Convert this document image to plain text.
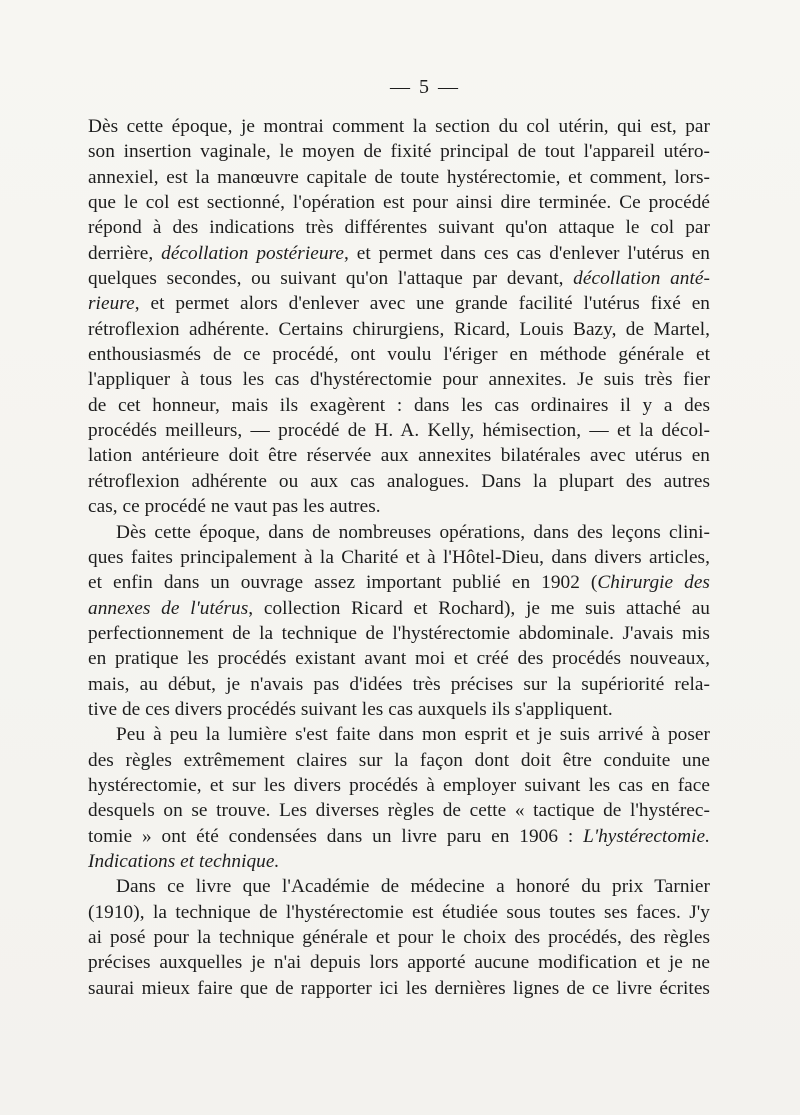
— 5 —
Dès cette époque, je montrai comment la section du col utérin, qui est, par
son insertion vaginale, le moyen de fixité principal de tout l'appareil utéro-
annexiel, est la manœuvre capitale de toute hystérectomie, et comment, lors-
que le col est sectionné, l'opération est pour ainsi dire terminée. Ce procédé
répond à des indications très différentes suivant qu'on attaque le col par
derrière, décollation postérieure, et permet dans ces cas d'enlever l'utérus en
quelques secondes, ou suivant qu'on l'attaque par devant, décollation anté-
rieure, et permet alors d'enlever avec une grande facilité l'utérus fixé en
rétroflexion adhérente. Certains chirurgiens, Ricard, Louis Bazy, de Martel,
enthousiasmés de ce procédé, ont voulu l'ériger en méthode générale et
l'appliquer à tous les cas d'hystérectomie pour annexites. Je suis très fier
de cet honneur, mais ils exagèrent : dans les cas ordinaires il y a des
procédés meilleurs, — procédé de H. A. Kelly, hémisection, — et la décol-
lation antérieure doit être réservée aux annexites bilatérales avec utérus en
rétroflexion adhérente ou aux cas analogues. Dans la plupart des autres
cas, ce procédé ne vaut pas les autres.
Dès cette époque, dans de nombreuses opérations, dans des leçons clini-
ques faites principalement à la Charité et à l'Hôtel-Dieu, dans divers articles,
et enfin dans un ouvrage assez important publié en 1902 (Chirurgie des
annexes de l'utérus, collection Ricard et Rochard), je me suis attaché au
perfectionnement de la technique de l'hystérectomie abdominale. J'avais mis
en pratique les procédés existant avant moi et créé des procédés nouveaux,
mais, au début, je n'avais pas d'idées très précises sur la supériorité rela-
tive de ces divers procédés suivant les cas auxquels ils s'appliquent.
Peu à peu la lumière s'est faite dans mon esprit et je suis arrivé à poser
des règles extrêmement claires sur la façon dont doit être conduite une
hystérectomie, et sur les divers procédés à employer suivant les cas en face
desquels on se trouve. Les diverses règles de cette « tactique de l'hystérec-
tomie » ont été condensées dans un livre paru en 1906 : L'hystérectomie.
Indications et technique.
Dans ce livre que l'Académie de médecine a honoré du prix Tarnier
(1910), la technique de l'hystérectomie est étudiée sous toutes ses faces. J'y
ai posé pour la technique générale et pour le choix des procédés, des règles
précises auxquelles je n'ai depuis lors apporté aucune modification et je ne
saurai mieux faire que de rapporter ici les dernières lignes de ce livre écrites
